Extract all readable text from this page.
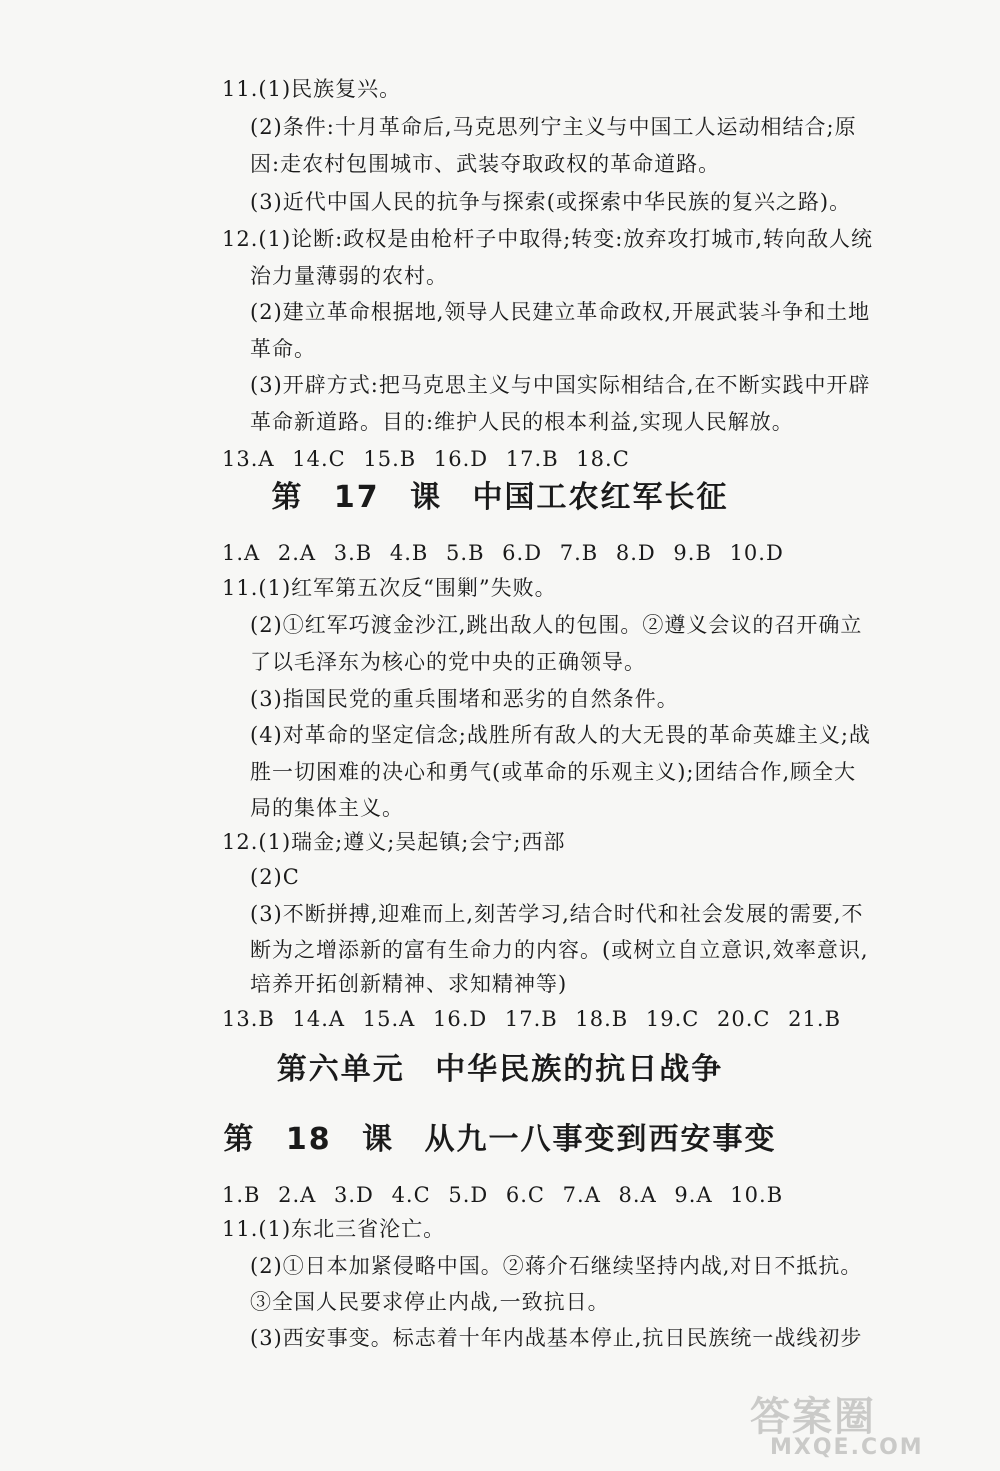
11.(1)民族复兴。
(2)条件:十月革命后,马克思列宁主义与中国工人运动相结合;原
因:走农村包围城市、武装夺取政权的革命道路。
(3)近代中国人民的抗争与探索(或探索中华民族的复兴之路)。
12.(1)论断:政权是由枪杆子中取得;转变:放弃攻打城市,转向敌人统
治力量薄弱的农村。
(2)建立革命根据地,领导人民建立革命政权,开展武装斗争和土地
革命。
(3)开辟方式:把马克思主义与中国实际相结合,在不断实践中开辟
革命新道路。目的:维护人民的根本利益,实现人民解放。
13.A 14.C 15.B 16.D 17.B 18.C
第 17 课 中国工农红军长征
1.A 2.A 3.B 4.B 5.B 6.D 7.B 8.D 9.B 10.D
11.(1)红军第五次反“围剿”失败。
(2)①红军巧渡金沙江,跳出敌人的包围。②遵义会议的召开确立
了以毛泽东为核心的党中央的正确领导。
(3)指国民党的重兵围堵和恶劣的自然条件。
(4)对革命的坚定信念;战胜所有敌人的大无畏的革命英雄主义;战
胜一切困难的决心和勇气(或革命的乐观主义);团结合作,顾全大
局的集体主义。
12.(1)瑞金;遵义;吴起镇;会宁;西部
(2)C
(3)不断拼搏,迎难而上,刻苦学习,结合时代和社会发展的需要,不
断为之增添新的富有生命力的内容。(或树立自立意识,效率意识,
培养开拓创新精神、求知精神等)
13.B 14.A 15.A 16.D 17.B 18.B 19.C 20.C 21.B
第六单元 中华民族的抗日战争
第 18 课 从九一八事变到西安事变
1.B 2.A 3.D 4.C 5.D 6.C 7.A 8.A 9.A 10.B
11.(1)东北三省沦亡。
(2)①日本加紧侵略中国。②蒋介石继续坚持内战,对日不抵抗。
③全国人民要求停止内战,一致抗日。
(3)西安事变。标志着十年内战基本停止,抗日民族统一战线初步
答案圈
MXQE.COM
